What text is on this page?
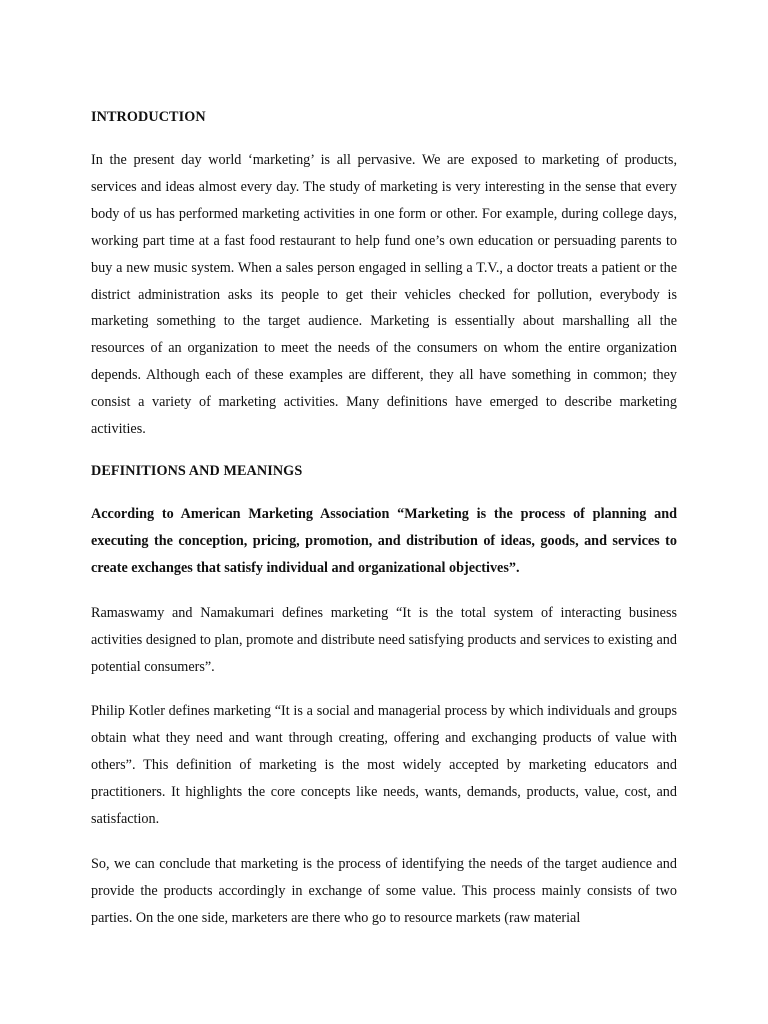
INTRODUCTION

In the present day world ‘marketing’ is all pervasive. We are exposed to marketing of products, services and ideas almost every day. The study of marketing is very interesting in the sense that every body of us has performed marketing activities in one form or other. For example, during college days, working part time at a fast food restaurant to help fund one’s own education or persuading parents to buy a new music system. When a sales person engaged in selling a T.V., a doctor treats a patient or the district administration asks its people to get their vehicles checked for pollution, everybody is marketing something to the target audience. Marketing is essentially about marshalling all the resources of an organization to meet the needs of the consumers on whom the entire organization depends. Although each of these examples are different, they all have something in common; they consist a variety of marketing activities. Many definitions have emerged to describe marketing activities.

DEFINITIONS AND MEANINGS

According to American Marketing Association “Marketing is the process of planning and executing the conception, pricing, promotion, and distribution of ideas, goods, and services to create exchanges that satisfy individual and organizational objectives”.

Ramaswamy and Namakumari defines marketing “It is the total system of interacting business activities designed to plan, promote and distribute need satisfying products and services to existing and potential consumers”.

Philip Kotler defines marketing “It is a social and managerial process by which individuals and groups obtain what they need and want through creating, offering and exchanging products of value with others”. This definition of marketing is the most widely accepted by marketing educators and practitioners. It highlights the core concepts like needs, wants, demands, products, value, cost, and satisfaction.

So, we can conclude that marketing is the process of identifying the needs of the target audience and provide the products accordingly in exchange of some value. This process mainly consists of two parties. On the one side, marketers are there who go to resource markets (raw material
